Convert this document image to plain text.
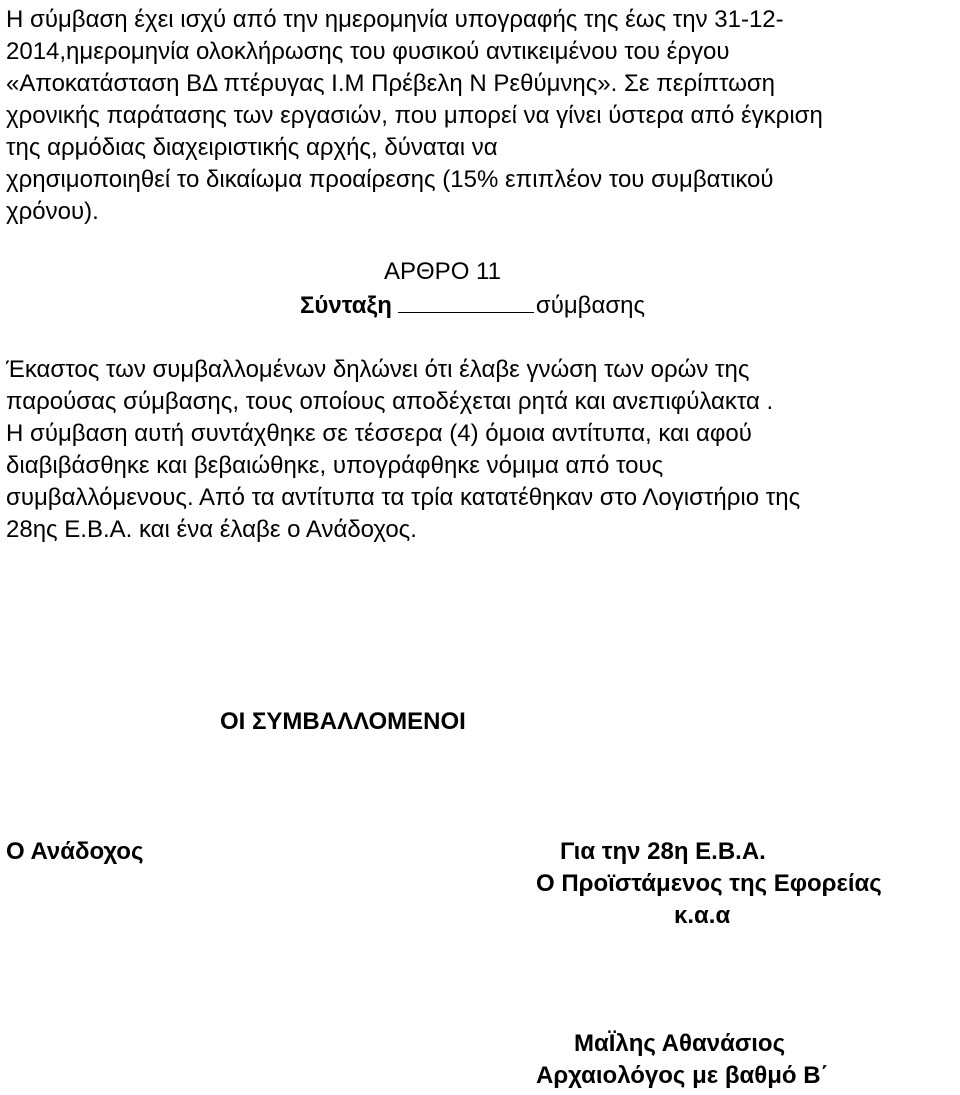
Η σύμβαση έχει ισχύ από την ημερομηνία υπογραφής της έως την 31-12-
2014,ημερομηνία ολοκλήρωσης του φυσικού αντικειμένου του έργου
«Αποκατάσταση ΒΔ πτέρυγας Ι.Μ Πρέβελη Ν Ρεθύμνης». Σε περίπτωση
χρονικής παράτασης των εργασιών, που μπορεί να γίνει ύστερα από έγκριση
της αρμόδιας διαχειριστικής αρχής, δύναται να
χρησιμοποιηθεί το δικαίωμα προαίρεσης (15% επιπλέον του συμβατικού
χρόνου).
ΑΡΘΡΟ 11
Σύνταξη	σύμβασης
Έκαστος των συμβαλλομένων δηλώνει ότι έλαβε γνώση των ορών της
παρούσας σύμβασης, τους οποίους αποδέχεται ρητά και ανεπιφύλακτα .
Η σύμβαση αυτή συντάχθηκε σε τέσσερα (4) όμοια αντίτυπα, και αφού
διαβιβάσθηκε και βεβαιώθηκε, υπογράφθηκε νόμιμα από τους
συμβαλλόμενους. Από τα αντίτυπα τα τρία κατατέθηκαν στο Λογιστήριο της
28ης Ε.Β.Α. και ένα έλαβε ο Ανάδοχος.
ΟΙ ΣΥΜΒΑΛΛΟΜΕΝΟΙ
Ο Ανάδοχος	Για την 28η Ε.Β.Α.
Ο Προϊστάμενος της Εφορείας
κ.α.α
ΜαΪλης Αθανάσιος
Αρχαιολόγος με βαθμό Β΄
